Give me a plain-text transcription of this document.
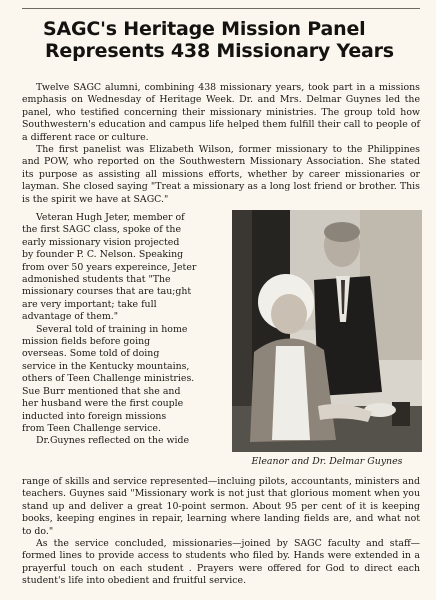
SAGC's Heritage Mission Panel
Represents 438 Missionary Years

Twelve SAGC alumni, combining 438 missionary years, took part in a missions emphasis on Wednesday of Heritage Week. Dr. and Mrs. Delmar Guynes led the panel, who testified concerning their missionary ministries. The group told how Southwestern's education and campus life helped them fulfill their call to people of a different race or culture.

The first panelist was Elizabeth Wilson, former missionary to the Philippines and POW, who reported on the Southwestern Missionary Association. She stated its purpose as assisting all missions efforts, whether by career missionaries or layman. She closed saying "Treat a missionary as a long lost friend or brother. This is the spirit we have at SAGC."

Veteran Hugh Jeter, member of
the first SAGC class, spoke of the
early missionary vision projected
by founder P. C. Nelson. Speaking
from over 50 years expereince, Jeter
admonished students that "The
missionary courses that are tau;ght
are very important; take full
advantage of them."

Several told of training in home
mission fields before going
overseas. Some told of doing
service in the Kentucky mountains,
others of Teen Challenge ministries.
Sue Burr mentioned that she and
her husband were the first couple
inducted into foreign missions
from Teen Challenge service.

Dr.Guynes reflected on the wide

Eleanor and Dr. Delmar Guynes

range of skills and service represented—incluing pilots, accountants, ministers and teachers. Guynes said "Missionary work is not just that glorious moment when you stand up and deliver a great 10-point sermon. About 95 per cent of it is keeping books, keeping engines in repair, learning where landing fields are, and what not to do."

As the service concluded, missionaries—joined by SAGC faculty and staff—formed lines to provide access to students who filed by. Hands were extended in a prayerful touch on each student . Prayers were offered for God to direct each student's life into obedient and fruitful service.
